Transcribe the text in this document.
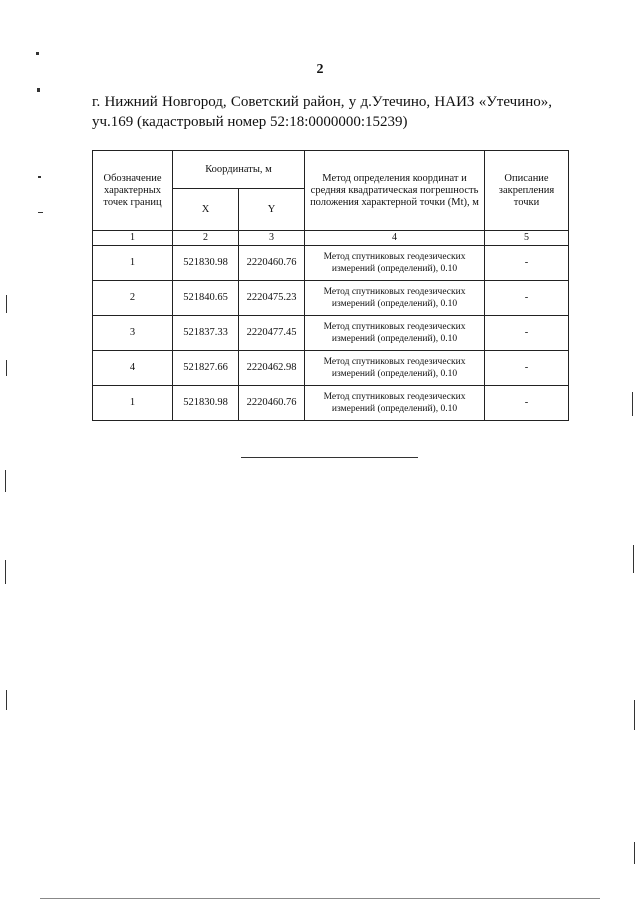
2
г. Нижний Новгород, Советский район, у д.Утечино, НАИЗ «Утечино», уч.169 (кадастровый номер 52:18:0000000:15239)
Обозначение характерных точек границ	Координаты, м		Метод определения координат и средняя квадратическая погрешность положения характерной точки (Mt), м	Описание закрепления точки
	X	Y		
1	2	3	4	5
1	521830.98	2220460.76	Метод спутниковых геодезических измерений (определений), 0.10	-
2	521840.65	2220475.23	Метод спутниковых геодезических измерений (определений), 0.10	-
3	521837.33	2220477.45	Метод спутниковых геодезических измерений (определений), 0.10	-
4	521827.66	2220462.98	Метод спутниковых геодезических измерений (определений), 0.10	-
1	521830.98	2220460.76	Метод спутниковых геодезических измерений (определений), 0.10	-
